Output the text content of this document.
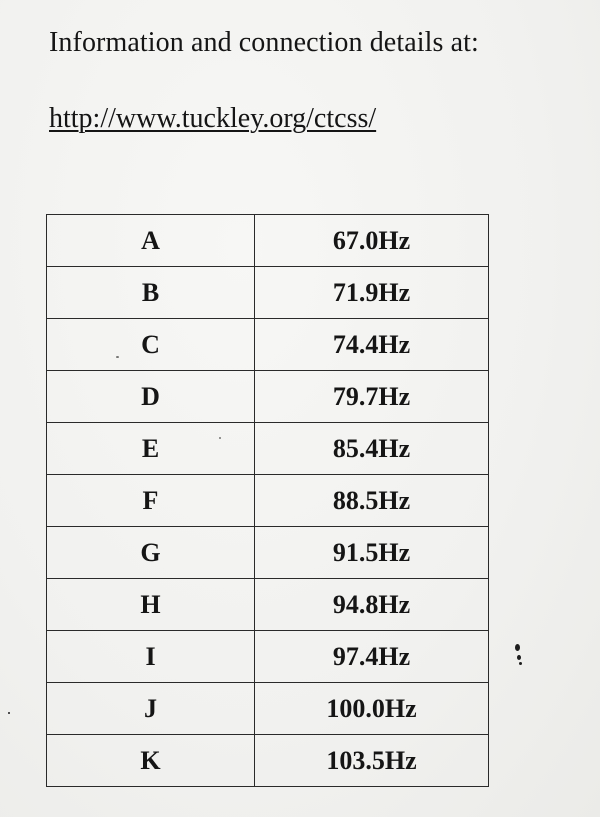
Information and connection details at:
http://www.tuckley.org/ctcss/
A	67.0Hz
B	71.9Hz
C	74.4Hz
D	79.7Hz
E	85.4Hz
F	88.5Hz
G	91.5Hz
H	94.8Hz
I	97.4Hz
J	100.0Hz
K	103.5Hz
